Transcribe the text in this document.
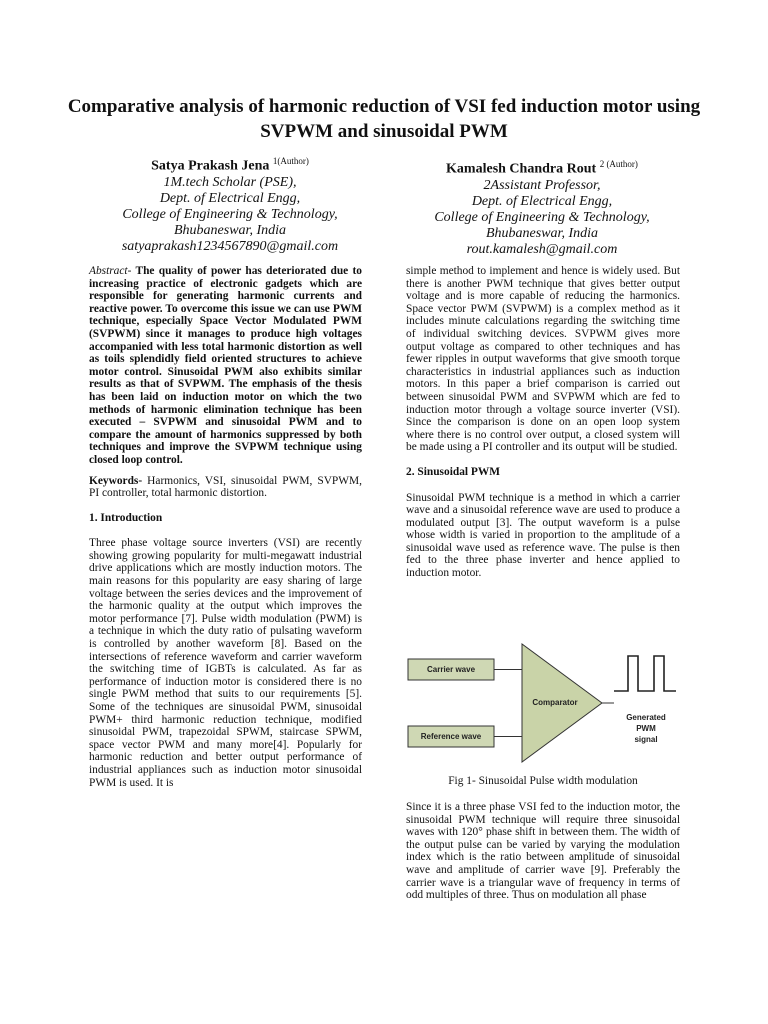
Comparative analysis of harmonic reduction of VSI fed induction motor using SVPWM and sinusoidal PWM
Satya Prakash Jena $^{1(Author)}$
1M.tech Scholar (PSE),
Dept. of Electrical Engg,
College of Engineering & Technology,
Bhubaneswar, India
satyaprakash1234567890@gmail.com
Kamalesh Chandra Rout $^{2 (Author)}$
2Assistant Professor,
Dept. of Electrical Engg,
College of Engineering & Technology,
Bhubaneswar, India
rout.kamalesh@gmail.com

Abstract- The quality of power has deteriorated due to increasing practice of electronic gadgets which are responsible for generating harmonic currents and reactive power. To overcome this issue we can use PWM technique, especially Space Vector Modulated PWM (SVPWM) since it manages to produce high voltages accompanied with less total harmonic distortion as well as toils splendidly field oriented structures to achieve motor control. Sinusoidal PWM also exhibits similar results as that of SVPWM. The emphasis of the thesis has been laid on induction motor on which the two methods of harmonic elimination technique has been executed – SVPWM and sinusoidal PWM and to compare the amount of harmonics suppressed by both techniques and improve the SVPWM technique using closed loop control.

Keywords- Harmonics, VSI, sinusoidal PWM, SVPWM, PI controller, total harmonic distortion.

1. Introduction

Three phase voltage source inverters (VSI) are recently showing growing popularity for multi-megawatt industrial drive applications which are mostly induction motors. The main reasons for this popularity are easy sharing of large voltage between the series devices and the improvement of the harmonic quality at the output which improves the motor performance [7]. Pulse width modulation (PWM) is a technique in which the duty ratio of pulsating waveform is controlled by another waveform [8]. Based on the intersections of reference waveform and carrier waveform the switching time of IGBTs is calculated. As far as performance of induction motor is considered there is no single PWM method that suits to our requirements [5]. Some of the techniques are sinusoidal PWM, sinusoidal PWM+ third harmonic reduction technique, modified sinusoidal PWM, trapezoidal SPWM, staircase SPWM, space vector PWM and many more[4]. Popularly for harmonic reduction and better output performance of industrial appliances such as induction motor sinusoidal PWM is used. It is

simple method to implement and hence is widely used. But there is another PWM technique that gives better output voltage and is more capable of reducing the harmonics. Space vector PWM (SVPWM) is a complex method as it includes minute calculations regarding the switching time of individual switching devices. SVPWM gives more output voltage as compared to other techniques and has fewer ripples in output waveforms that give smooth torque characteristics in industrial appliances such as induction motors. In this paper a brief comparison is carried out between sinusoidal PWM and SVPWM which are fed to induction motor through a voltage source inverter (VSI). Since the comparison is done on an open loop system where there is no control over output, a closed system will be made using a PI controller and its output will be studied.

2. Sinusoidal PWM

Sinusoidal PWM technique is a method in which a carrier wave and a sinusoidal reference wave are used to produce a modulated output [3]. The output waveform is a pulse whose width is varied in proportion to the amplitude of a sinusoidal wave used as reference wave. The pulse is then fed to the three phase inverter and hence applied to induction motor.

Carrier wave
Reference wave
Comparator
Generated
PWM
signal
Fig 1- Sinusoidal Pulse width modulation

Since it is a three phase VSI fed to the induction motor, the sinusoidal PWM technique will require three sinusoidal waves with 120° phase shift in between them. The width of the output pulse can be varied by varying the modulation index which is the ratio between amplitude of sinusoidal wave and amplitude of carrier wave [9]. Preferably the carrier wave is a triangular wave of frequency in terms of odd multiples of three. Thus on modulation all phase
